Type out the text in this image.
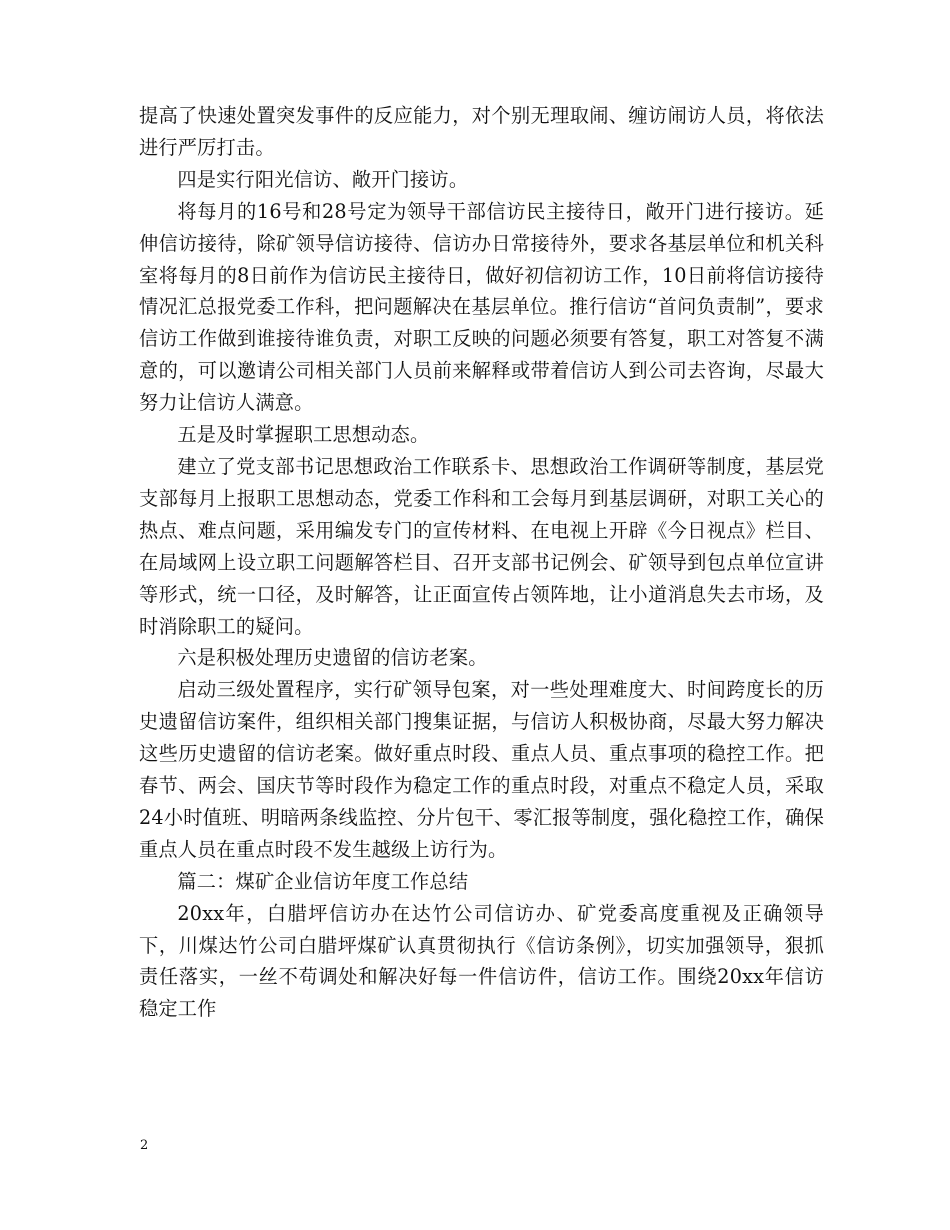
提高了快速处置突发事件的反应能力，对个别无理取闹、缠访闹访人员，将依法进行严厉打击。

四是实行阳光信访、敞开门接访。

将每月的16号和28号定为领导干部信访民主接待日，敞开门进行接访。延伸信访接待，除矿领导信访接待、信访办日常接待外，要求各基层单位和机关科室将每月的8日前作为信访民主接待日，做好初信初访工作，10日前将信访接待情况汇总报党委工作科，把问题解决在基层单位。推行信访“首问负责制”，要求信访工作做到谁接待谁负责，对职工反映的问题必须要有答复，职工对答复不满意的，可以邀请公司相关部门人员前来解释或带着信访人到公司去咨询，尽最大努力让信访人满意。

五是及时掌握职工思想动态。

建立了党支部书记思想政治工作联系卡、思想政治工作调研等制度，基层党支部每月上报职工思想动态，党委工作科和工会每月到基层调研，对职工关心的热点、难点问题，采用编发专门的宣传材料、在电视上开辟《今日视点》栏目、在局域网上设立职工问题解答栏目、召开支部书记例会、矿领导到包点单位宣讲等形式，统一口径，及时解答，让正面宣传占领阵地，让小道消息失去市场，及时消除职工的疑问。

六是积极处理历史遗留的信访老案。

启动三级处置程序，实行矿领导包案，对一些处理难度大、时间跨度长的历史遗留信访案件，组织相关部门搜集证据，与信访人积极协商，尽最大努力解决这些历史遗留的信访老案。做好重点时段、重点人员、重点事项的稳控工作。把春节、两会、国庆节等时段作为稳定工作的重点时段，对重点不稳定人员，采取24小时值班、明暗两条线监控、分片包干、零汇报等制度，强化稳控工作，确保重点人员在重点时段不发生越级上访行为。

篇二：煤矿企业信访年度工作总结

20xx年，白腊坪信访办在达竹公司信访办、矿党委高度重视及正确领导下，川煤达竹公司白腊坪煤矿认真贯彻执行《信访条例》，切实加强领导，狠抓责任落实，一丝不苟调处和解决好每一件信访件，信访工作。围绕20xx年信访稳定工作

2
